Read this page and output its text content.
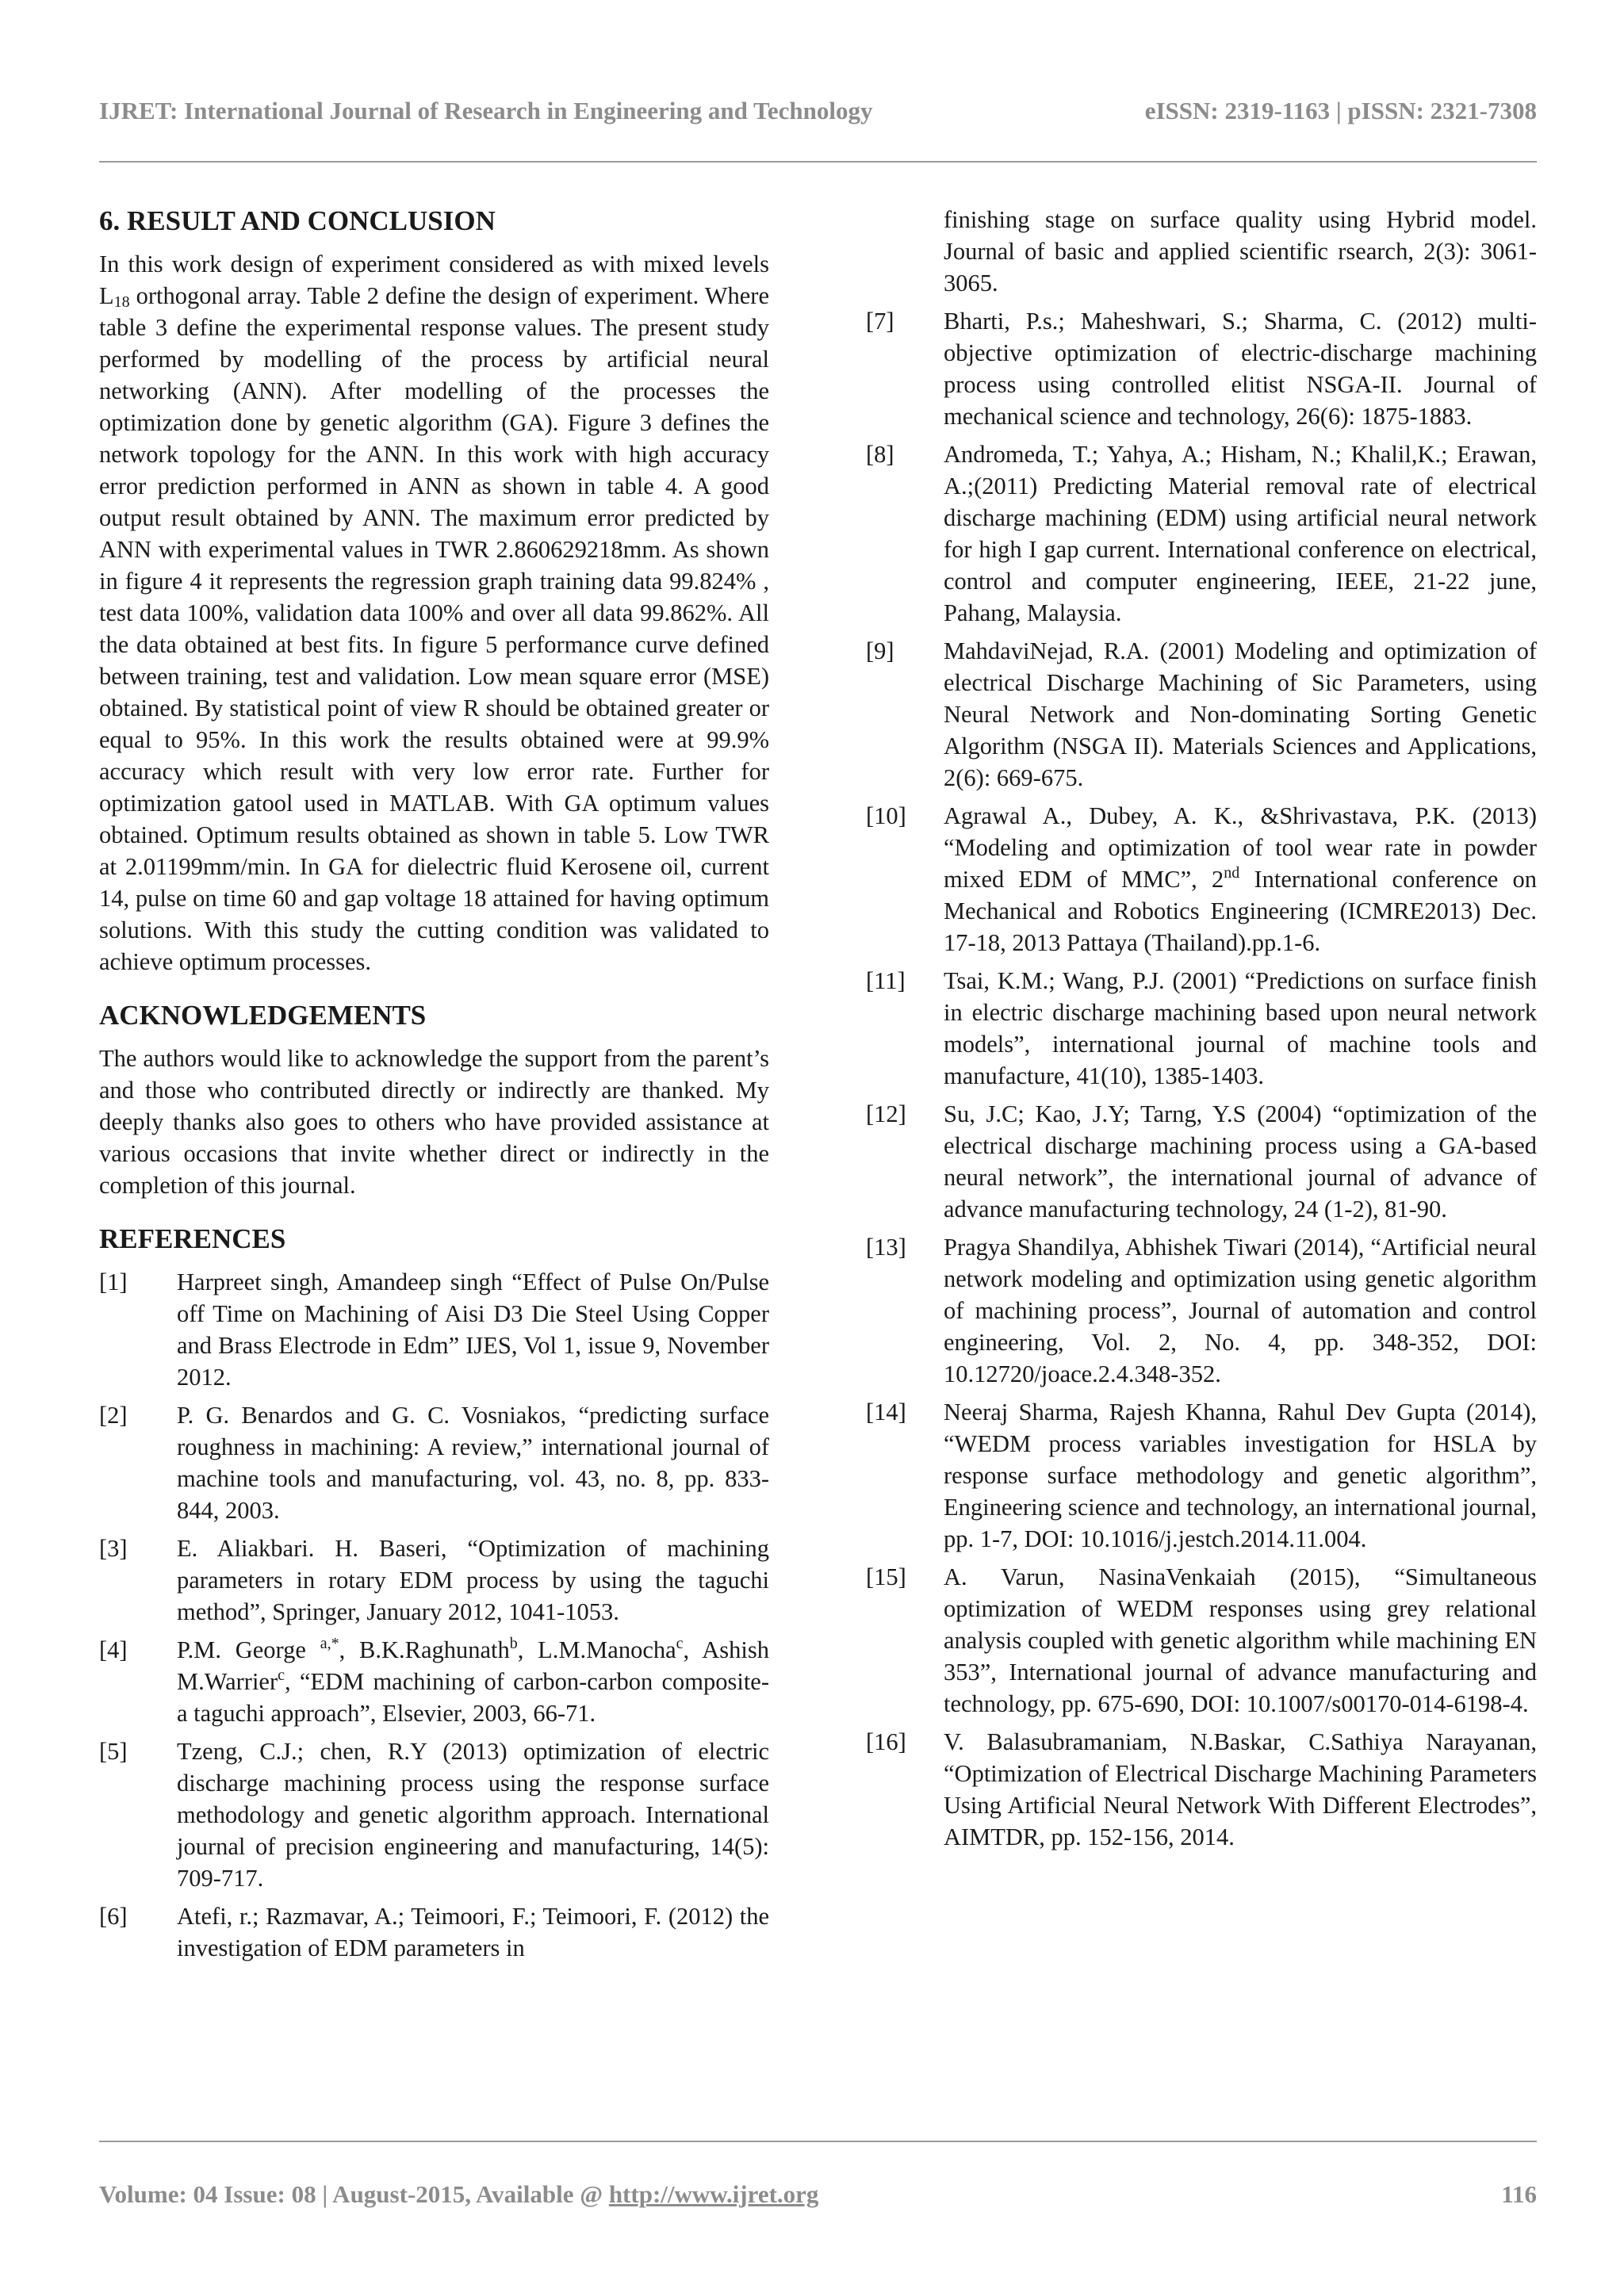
IJRET: International Journal of Research in Engineering and Technology	eISSN: 2319-1163 | pISSN: 2321-7308
6. RESULT AND CONCLUSION

In this work design of experiment considered as with mixed levels $L_{18}$ orthogonal array. Table 2 define the design of experiment. Where table 3 define the experimental response values. The present study performed by modelling of the process by artificial neural networking (ANN). After modelling of the processes the optimization done by genetic algorithm (GA). Figure 3 defines the network topology for the ANN. In this work with high accuracy error prediction performed in ANN as shown in table 4. A good output result obtained by ANN. The maximum error predicted by ANN with experimental values in TWR 2.860629218mm. As shown in figure 4 it represents the regression graph training data 99.824% , test data 100%, validation data 100% and over all data 99.862%. All the data obtained at best fits. In figure 5 performance curve defined between training, test and validation. Low mean square error (MSE) obtained. By statistical point of view R should be obtained greater or equal to 95%. In this work the results obtained were at 99.9% accuracy which result with very low error rate. Further for optimization gatool used in MATLAB. With GA optimum values obtained. Optimum results obtained as shown in table 5. Low TWR at 2.01199mm/min. In GA for dielectric fluid Kerosene oil, current 14, pulse on time 60 and gap voltage 18 attained for having optimum solutions. With this study the cutting condition was validated to achieve optimum processes.

ACKNOWLEDGEMENTS

The authors would like to acknowledge the support from the parent’s and those who contributed directly or indirectly are thanked. My deeply thanks also goes to others who have provided assistance at various occasions that invite whether direct or indirectly in the completion of this journal.

REFERENCES
[1]	Harpreet singh, Amandeep singh “Effect of Pulse On/Pulse off Time on Machining of Aisi D3 Die Steel Using Copper and Brass Electrode in Edm” IJES, Vol 1, issue 9, November 2012.
[2]	P. G. Benardos and G. C. Vosniakos, “predicting surface roughness in machining: A review,” international journal of machine tools and manufacturing, vol. 43, no. 8, pp. 833-844, 2003.
[3]	E. Aliakbari. H. Baseri, “Optimization of machining parameters in rotary EDM process by using the taguchi method”, Springer, January 2012, 1041-1053.
[4]	P.M. George $^{a,*}$, B.K.Raghunath$^b$, L.M.Manocha$^c$, Ashish M.Warrier$^c$, “EDM machining of carbon-carbon composite- a taguchi approach”, Elsevier, 2003, 66-71.
[5]	Tzeng, C.J.; chen, R.Y (2013) optimization of electric discharge machining process using the response surface methodology and genetic algorithm approach. International journal of precision engineering and manufacturing, 14(5): 709-717.
[6]	Atefi, r.; Razmavar, A.; Teimoori, F.; Teimoori, F. (2012) the investigation of EDM parameters in

finishing stage on surface quality using Hybrid model. Journal of basic and applied scientific rsearch, 2(3): 3061-3065.

[7]	Bharti, P.s.; Maheshwari, S.; Sharma, C. (2012) multi-objective optimization of electric-discharge machining process using controlled elitist NSGA-II. Journal of mechanical science and technology, 26(6): 1875-1883.
[8]	Andromeda, T.; Yahya, A.; Hisham, N.; Khalil,K.; Erawan, A.;(2011) Predicting Material removal rate of electrical discharge machining (EDM) using artificial neural network for high I gap current. International conference on electrical, control and computer engineering, IEEE, 21-22 june, Pahang, Malaysia.
[9]	MahdaviNejad, R.A. (2001) Modeling and optimization of electrical Discharge Machining of Sic Parameters, using Neural Network and Non-dominating Sorting Genetic Algorithm (NSGA II). Materials Sciences and Applications, 2(6): 669-675.
[10]	Agrawal A., Dubey, A. K., &Shrivastava, P.K. (2013) “Modeling and optimization of tool wear rate in powder mixed EDM of MMC”, 2nd International conference on Mechanical and Robotics Engineering (ICMRE2013) Dec. 17-18, 2013 Pattaya (Thailand).pp.1-6.
[11]	Tsai, K.M.; Wang, P.J. (2001) “Predictions on surface finish in electric discharge machining based upon neural network models”, international journal of machine tools and manufacture, 41(10), 1385-1403.
[12]	Su, J.C; Kao, J.Y; Tarng, Y.S (2004) “optimization of the electrical discharge machining process using a GA-based neural network”, the international journal of advance of advance manufacturing technology, 24 (1-2), 81-90.
[13]	Pragya Shandilya, Abhishek Tiwari (2014), “Artificial neural network modeling and optimization using genetic algorithm of machining process”, Journal of automation and control engineering, Vol. 2, No. 4, pp. 348-352, DOI: 10.12720/joace.2.4.348-352.
[14]	Neeraj Sharma, Rajesh Khanna, Rahul Dev Gupta (2014), “WEDM process variables investigation for HSLA by response surface methodology and genetic algorithm”, Engineering science and technology, an international journal, pp. 1-7, DOI: 10.1016/j.jestch.2014.11.004.
[15]	A. Varun, NasinaVenkaiah (2015), “Simultaneous optimization of WEDM responses using grey relational analysis coupled with genetic algorithm while machining EN 353”, International journal of advance manufacturing and technology, pp. 675-690, DOI: 10.1007/s00170-014-6198-4.
[16]	V. Balasubramaniam, N.Baskar, C.Sathiya Narayanan, “Optimization of Electrical Discharge Machining Parameters Using Artificial Neural Network With Different Electrodes”, AIMTDR, pp. 152-156, 2014.
Volume: 04 Issue: 08 | August-2015, Available @ http://www.ijret.org	116
